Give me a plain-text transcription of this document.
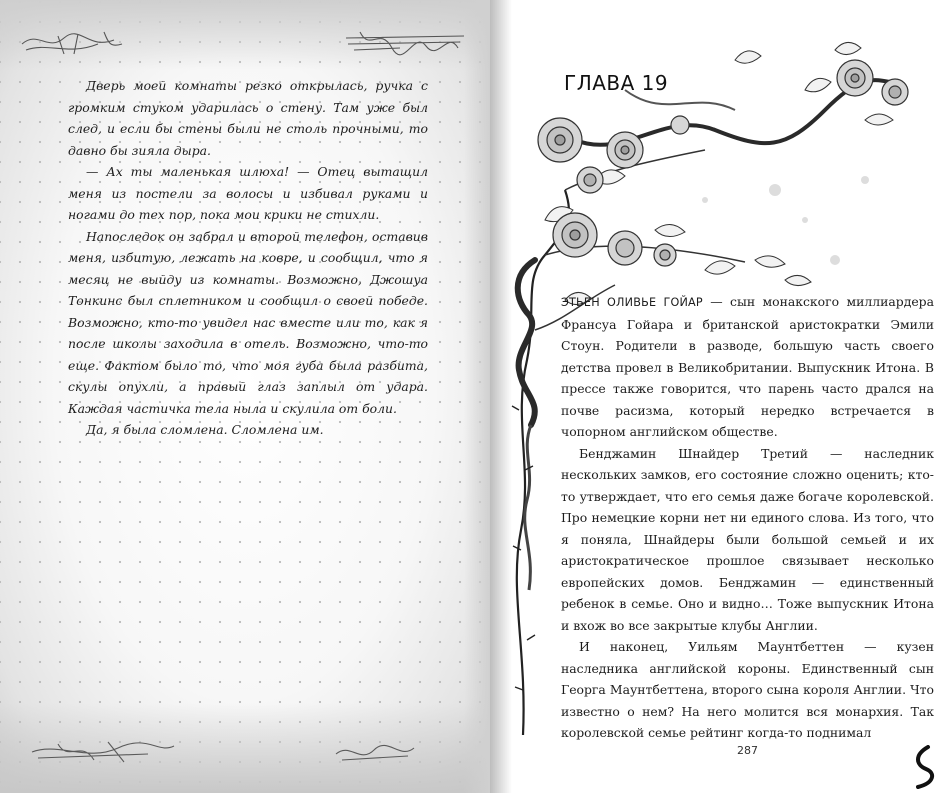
Дверь моей комнаты резко открылась, ручка с громким стуком ударилась о стену. Там уже был след, и если бы стены были не столь прочными, то давно бы зияла дыра.

— Ах ты маленькая шлюха! — Отец вытащил меня из постели за волосы и избивал руками и ногами до тех пор, пока мои крики не стихли.

Напоследок он забрал и второй телефон, оставив меня, избитую, лежать на ковре, и сообщил, что я месяц не выйду из комнаты. Возможно, Джошуа Тонкинс был сплетником и сообщил о своей победе. Возможно, кто-то увидел нас вместе или то, как я после школы заходила в отель. Возможно, что-то еще. Фактом было то, что моя губа была разбита, скулы опухли, а правый глаз заплыл от удара. Каждая частичка тела ныла и скулила от боли.

Да, я была сломлена. Сломлена им.

ГЛАВА 19

ЭТЬЕН ОЛИВЬЕ ГОЙАР — сын монакского миллиардера Франсуа Гойара и британской аристократки Эмили Стоун. Родители в разводе, большую часть своего детства провел в Великобритании. Выпускник Итона. В прессе также говорится, что парень часто дрался на почве расизма, который нередко встречается в чопорном английском обществе.

Бенджамин Шнайдер Третий — наследник нескольких замков, его состояние сложно оценить; кто-то утверждает, что его семья даже богаче королевской. Про немецкие корни нет ни единого слова. Из того, что я поняла, Шнайдеры были большой семьей и их аристократическое прошлое связывает несколько европейских домов. Бенджамин — единственный ребенок в семье. Оно и видно… Тоже выпускник Итона и вхож во все закрытые клубы Англии.

И наконец, Уильям Маунтбеттен — кузен наследника английской короны. Единственный сын Георга Маунтбеттена, второго сына короля Англии. Что известно о нем? На него молится вся монархия. Так королевской семье рейтинг когда-то поднимал

287
